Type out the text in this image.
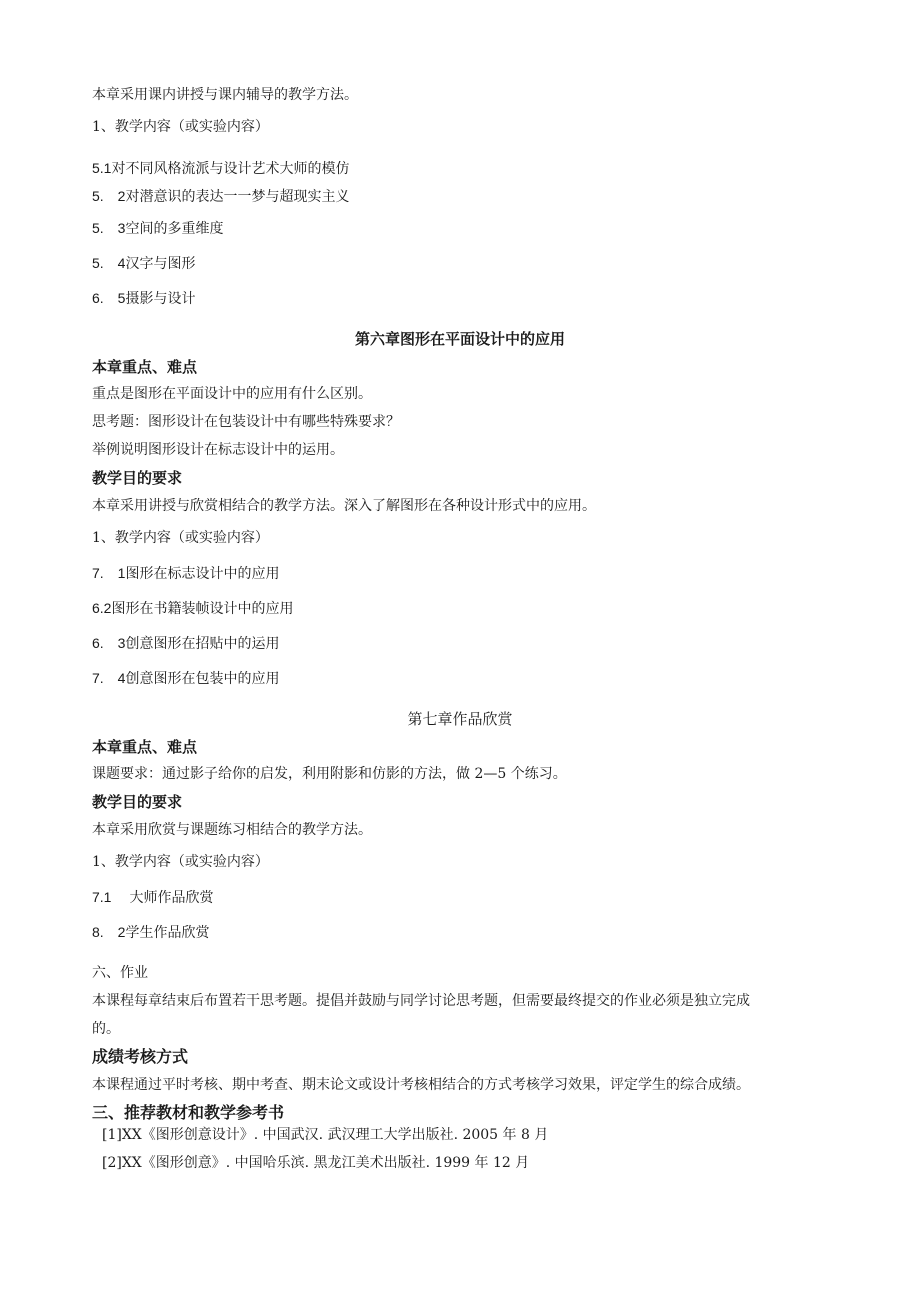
本章采用课内讲授与课内辅导的教学方法。

1、教学内容（或实验内容）

5.1对不同风格流派与设计艺术大师的模仿

5.　2对潜意识的表达一一梦与超现实主义

5.　3空间的多重维度

5.　4汉字与图形

6.　5摄影与设计

第六章图形在平面设计中的应用

本章重点、难点

重点是图形在平面设计中的应用有什么区别。

思考题：图形设计在包装设计中有哪些特殊要求？

举例说明图形设计在标志设计中的运用。

教学目的要求

本章采用讲授与欣赏相结合的教学方法。深入了解图形在各种设计形式中的应用。

1、教学内容（或实验内容）

7.　1图形在标志设计中的应用

6.2图形在书籍装帧设计中的应用

6.　3创意图形在招贴中的运用

7.　4创意图形在包装中的应用

第七章作品欣赏

本章重点、难点

课题要求：通过影子给你的启发，利用附影和仿影的方法，做 2—5 个练习。

教学目的要求

本章采用欣赏与课题练习相结合的教学方法。

1、教学内容（或实验内容）

7.1 大师作品欣赏

8.　2学生作品欣赏

六、作业

本课程每章结束后布置若干思考题。提倡并鼓励与同学讨论思考题，但需要最终提交的作业必须是独立完成

的。

成绩考核方式

本课程通过平时考核、期中考查、期末论文或设计考核相结合的方式考核学习效果，评定学生的综合成绩。

三、推荐教材和教学参考书

[1]XX《图形创意设计》. 中国武汉. 武汉理工大学出版社. 2005 年 8 月

[2]XX《图形创意》. 中国哈乐滨. 黑龙江美术出版社. 1999 年 12 月
